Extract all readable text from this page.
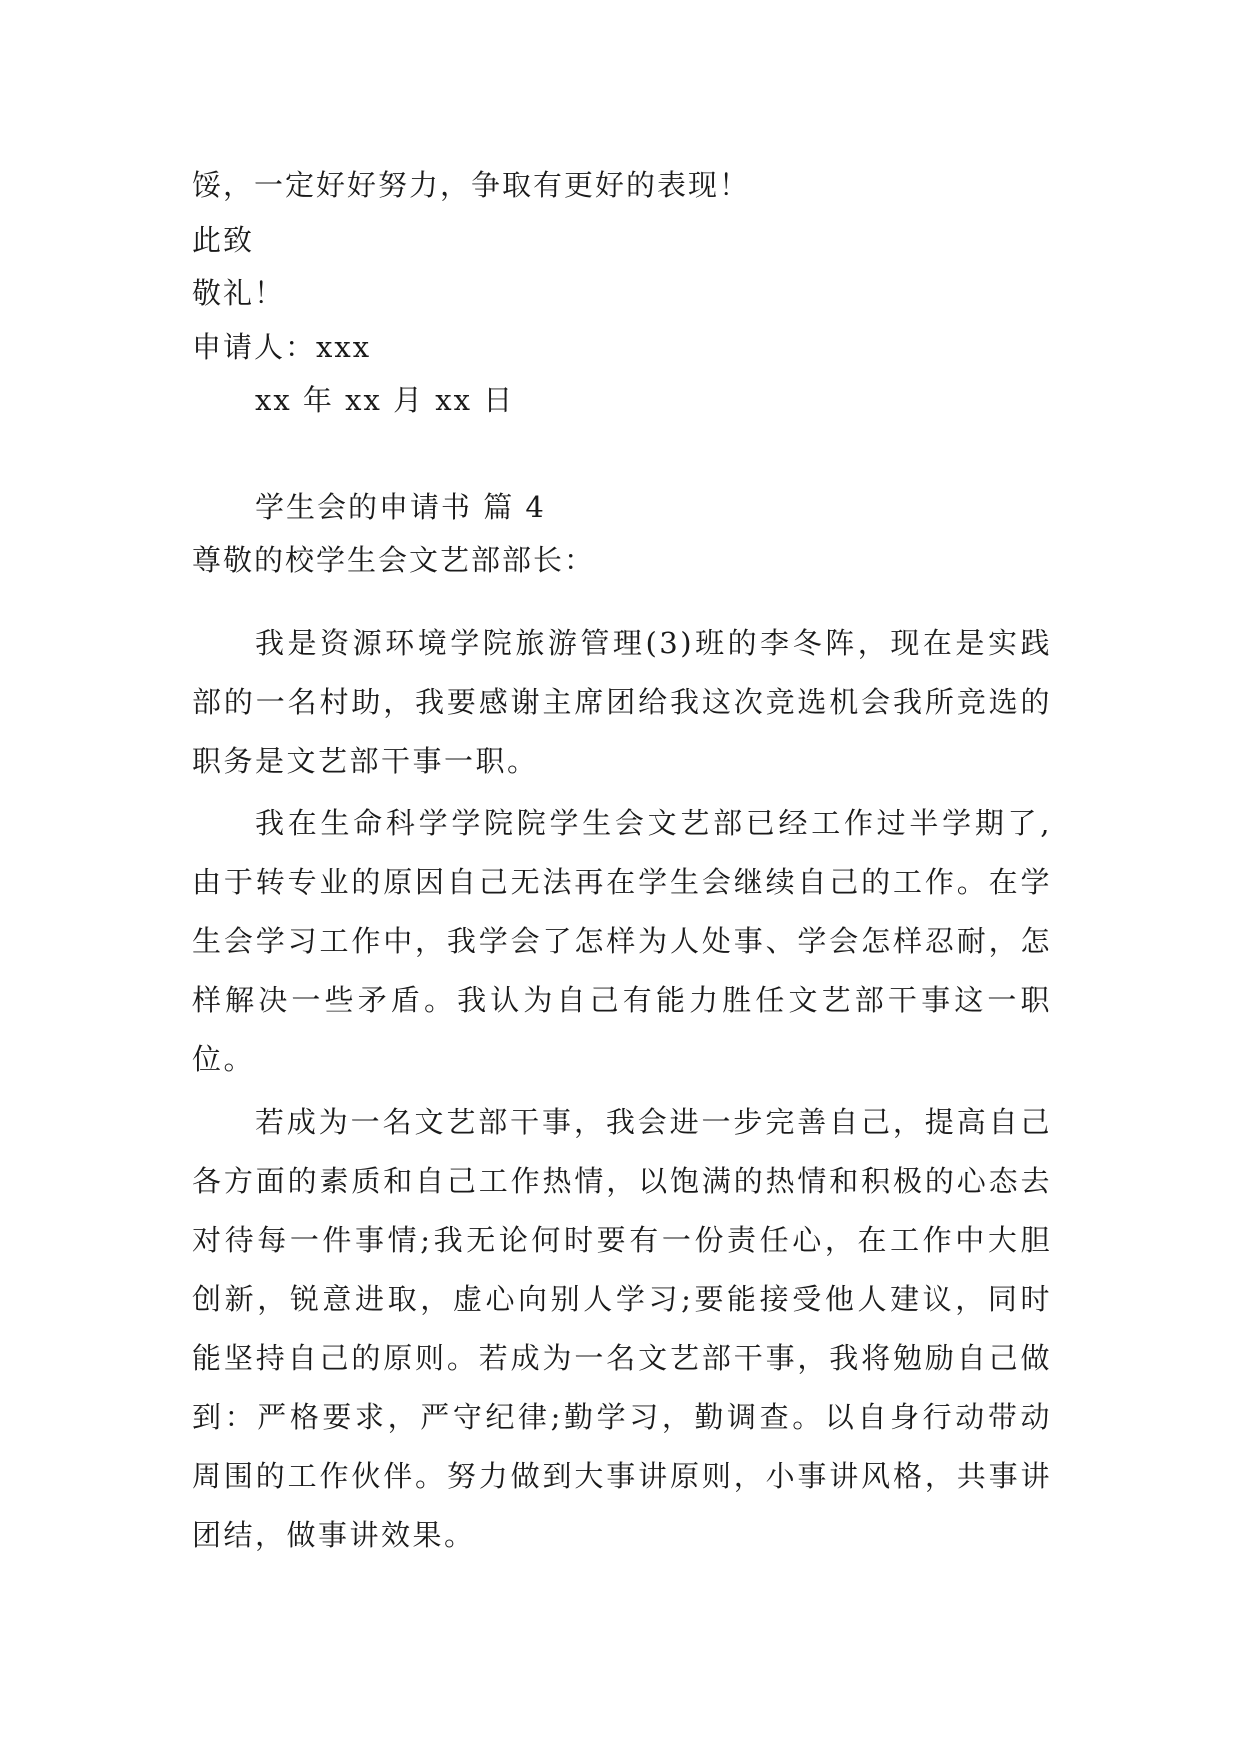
馁，一定好好努力，争取有更好的表现！
此致
敬礼！
申请人：xxx
xx 年 xx 月 xx 日
学生会的申请书 篇 4
尊敬的校学生会文艺部部长：
我是资源环境学院旅游管理(3)班的李冬阵，现在是实践部的一名村助，我要感谢主席团给我这次竞选机会我所竞选的职务是文艺部干事一职。
我在生命科学学院院学生会文艺部已经工作过半学期了,由于转专业的原因自己无法再在学生会继续自己的工作。在学生会学习工作中，我学会了怎样为人处事、学会怎样忍耐，怎样解决一些矛盾。我认为自己有能力胜任文艺部干事这一职位。
若成为一名文艺部干事，我会进一步完善自己，提高自己各方面的素质和自己工作热情，以饱满的热情和积极的心态去对待每一件事情;我无论何时要有一份责任心，在工作中大胆创新，锐意进取，虚心向别人学习;要能接受他人建议，同时能坚持自己的原则。若成为一名文艺部干事，我将勉励自己做到：严格要求，严守纪律;勤学习，勤调查。以自身行动带动周围的工作伙伴。努力做到大事讲原则，小事讲风格，共事讲团结，做事讲效果。
